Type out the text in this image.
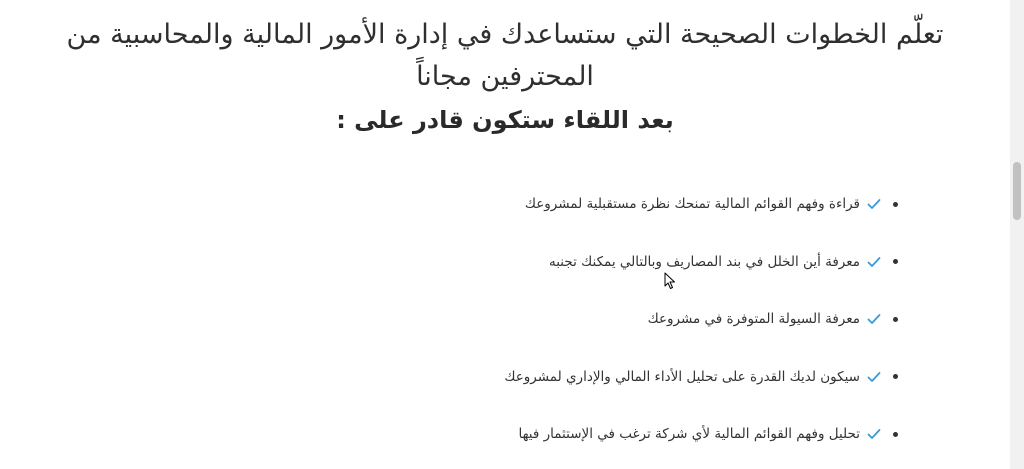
تعلّم الخطوات الصحيحة التي ستساعدك في إدارة الأمور المالية والمحاسبية من المحترفين مجاناً
بعد اللقاء ستكون قادر على :
قراءة وفهم القوائم المالية تمنحك نظرة مستقبلية لمشروعك
معرفة أين الخلل في بند المصاريف وبالتالي يمكنك تجنبه
معرفة السيولة المتوفرة في مشروعك
سيكون لديك القدرة على تحليل الأداء المالي والإداري لمشروعك
تحليل وفهم القوائم المالية لأي شركة ترغب في الإستثمار فيها
